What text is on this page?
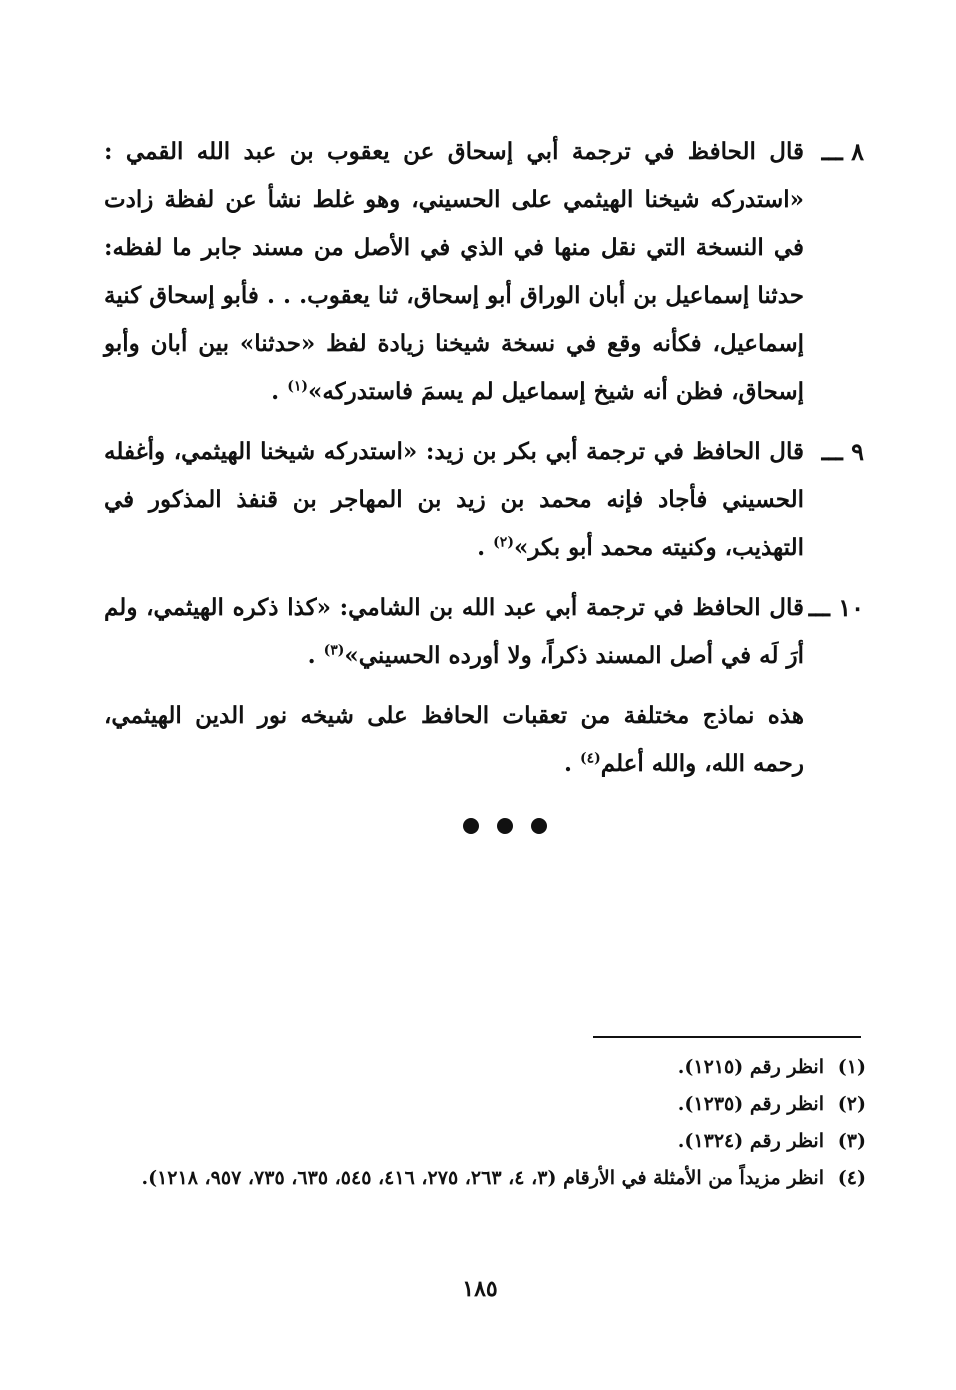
٨ ـــ
قال الحافظ في ترجمة أبي إسحاق عن يعقوب بن عبد الله القمي : «استدركه شيخنا الهيثمي على الحسيني، وهو غلط نشأ عن لفظة زادت في النسخة التي نقل منها في الذي في الأصل من مسند جابر ما لفظه: حدثنا إسماعيل بن أبان الوراق أبو إسحاق، ثنا يعقوب. . . فأبو إسحاق كنية إسماعيل، فكأنه وقع في نسخة شيخنا زيادة لفظ «حدثنا» بين أبان وأبو إسحاق، فظن أنه شيخ إسماعيل لم يسمَ فاستدركه»$^{(١)}$ .
٩ ـــ
قال الحافظ في ترجمة أبي بكر بن زيد: «استدركه شيخنا الهيثمي، وأغفله الحسيني فأجاد فإنه محمد بن زيد بن المهاجر بن قنفذ المذكور في التهذيب، وكنيته محمد أبو بكر»$^{(٢)}$ .
١٠ ـــ
قال الحافظ في ترجمة أبي عبد الله بن الشامي: «كذا ذكره الهيثمي، ولم أرَ لَه في أصل المسند ذكراً، ولا أورده الحسيني»$^{(٣)}$ .
هذه نماذج مختلفة من تعقبات الحافظ على شيخه نور الدين الهيثمي، رحمه الله، والله أعلم$^{(٤)}$ .
(١)
انظر رقم (١٢١٥).
(٢)
انظر رقم (١٢٣٥).
(٣)
انظر رقم (١٣٢٤).
(٤)
انظر مزيداً من الأمثلة في الأرقام (٣، ٤، ٢٦٣، ٢٧٥، ٤١٦، ٥٤٥، ٦٣٥، ٧٣٥، ٩٥٧، ١٢١٨).
١٨٥
